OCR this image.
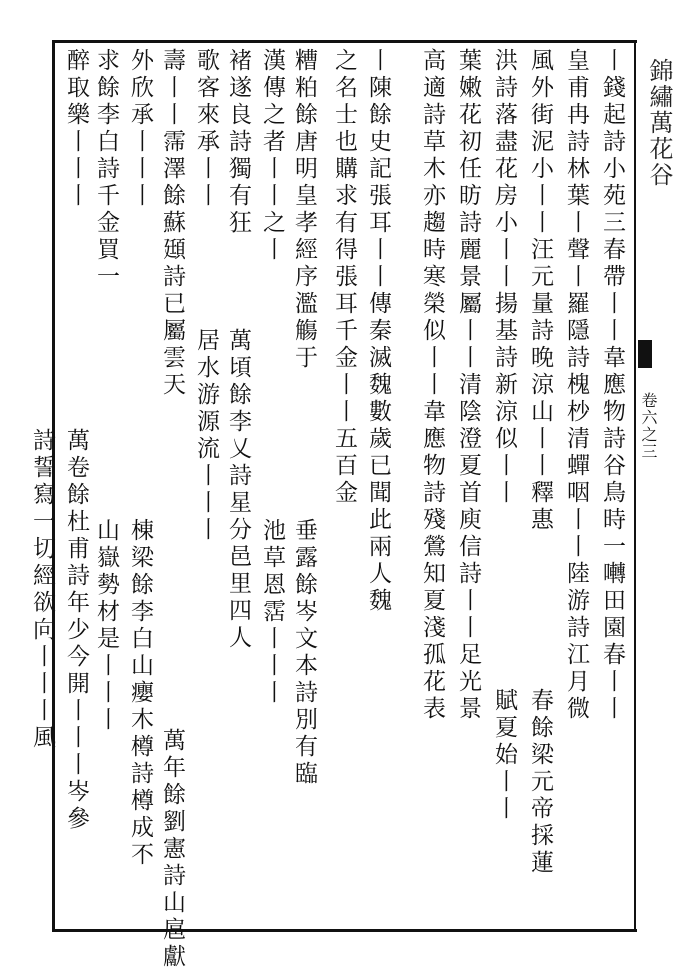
錦繡萬花谷
卷六之三
丨錢起詩小苑三春帶丨丨韋應物詩谷鳥時一囀田園春丨丨
皇甫冉詩林葉丨聲丨羅隱詩槐杪清蟬咽丨丨陸游詩江月微
風外街泥小丨丨汪元量詩晚涼山丨丨釋惠
洪詩落盡花房小丨丨揚基詩新涼似丨丨
葉嫩花初任昉詩麗景屬丨丨清陰澄夏首庾信詩丨丨足光景
高適詩草木亦趨時寒榮似丨丨韋應物詩殘鶯知夏淺孤花表
丨陳餘史記張耳丨丨傳秦滅魏數歲已聞此兩人魏
之名士也購求有得張耳千金丨丨五百金
糟粕餘唐明皇孝經序濫觴于
漢傳之者丨丨之丨
褚遂良詩獨有狂
歌客來承丨丨
壽丨丨霈澤餘蘇頲詩已屬雲天
外欣承丨丨丨
求餘李白詩千金買一
醉取樂丨丨丨
春餘梁元帝採蓮
賦夏始丨丨
垂露餘岑文本詩別有臨
池草恩霑丨丨丨
萬頃餘李乂詩星分邑里四人
居水游源流丨丨丨
萬年餘劉憲詩山扈獻
棟梁餘李白山癭木樽詩樽成不
山嶽勢材是丨丨丨
萬卷餘杜甫詩年少今開丨丨丨岑參
詩誓寫一切經欲向丨丨丨風
